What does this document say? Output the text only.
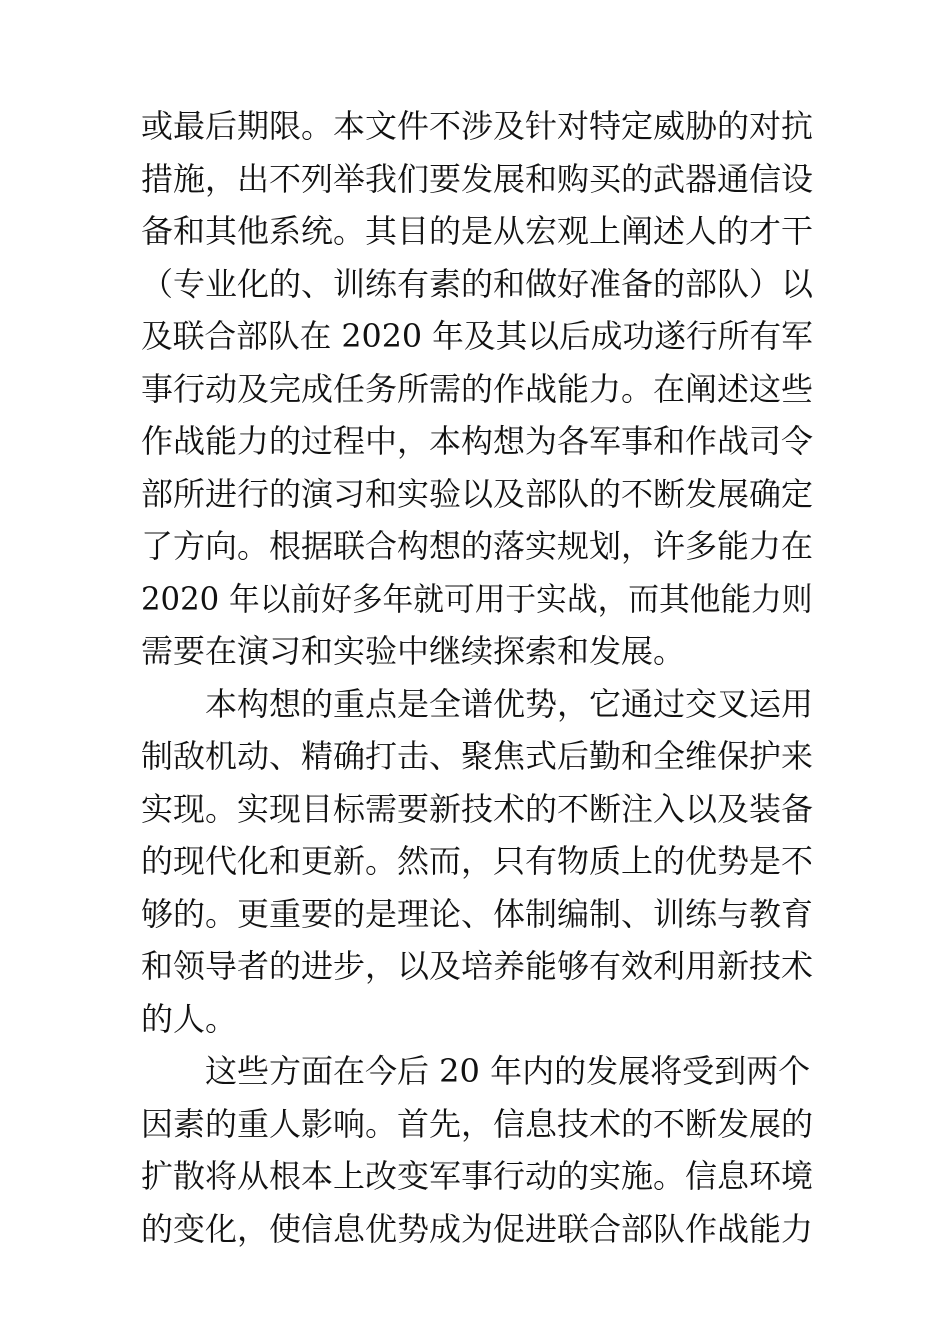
或最后期限。本文件不涉及针对特定威胁的对抗
措施，出不列举我们要发展和购买的武器通信设
备和其他系统。其目的是从宏观上阐述人的才干
（专业化的、训练有素的和做好准备的部队）以
及联合部队在 2020 年及其以后成功遂行所有军
事行动及完成任务所需的作战能力。在阐述这些
作战能力的过程中，本构想为各军事和作战司令
部所进行的演习和实验以及部队的不断发展确定
了方向。根据联合构想的落实规划，许多能力在
2020 年以前好多年就可用于实战，而其他能力则
需要在演习和实验中继续探索和发展。
　　本构想的重点是全谱优势，它通过交叉运用
制敌机动、精确打击、聚焦式后勤和全维保护来
实现。实现目标需要新技术的不断注入以及装备
的现代化和更新。然而，只有物质上的优势是不
够的。更重要的是理论、体制编制、训练与教育
和领导者的进步，以及培养能够有效利用新技术
的人。
　　这些方面在今后 20 年内的发展将受到两个
因素的重人影响。首先，信息技术的不断发展的
扩散将从根本上改变军事行动的实施。信息环境
的变化，使信息优势成为促进联合部队作战能力
